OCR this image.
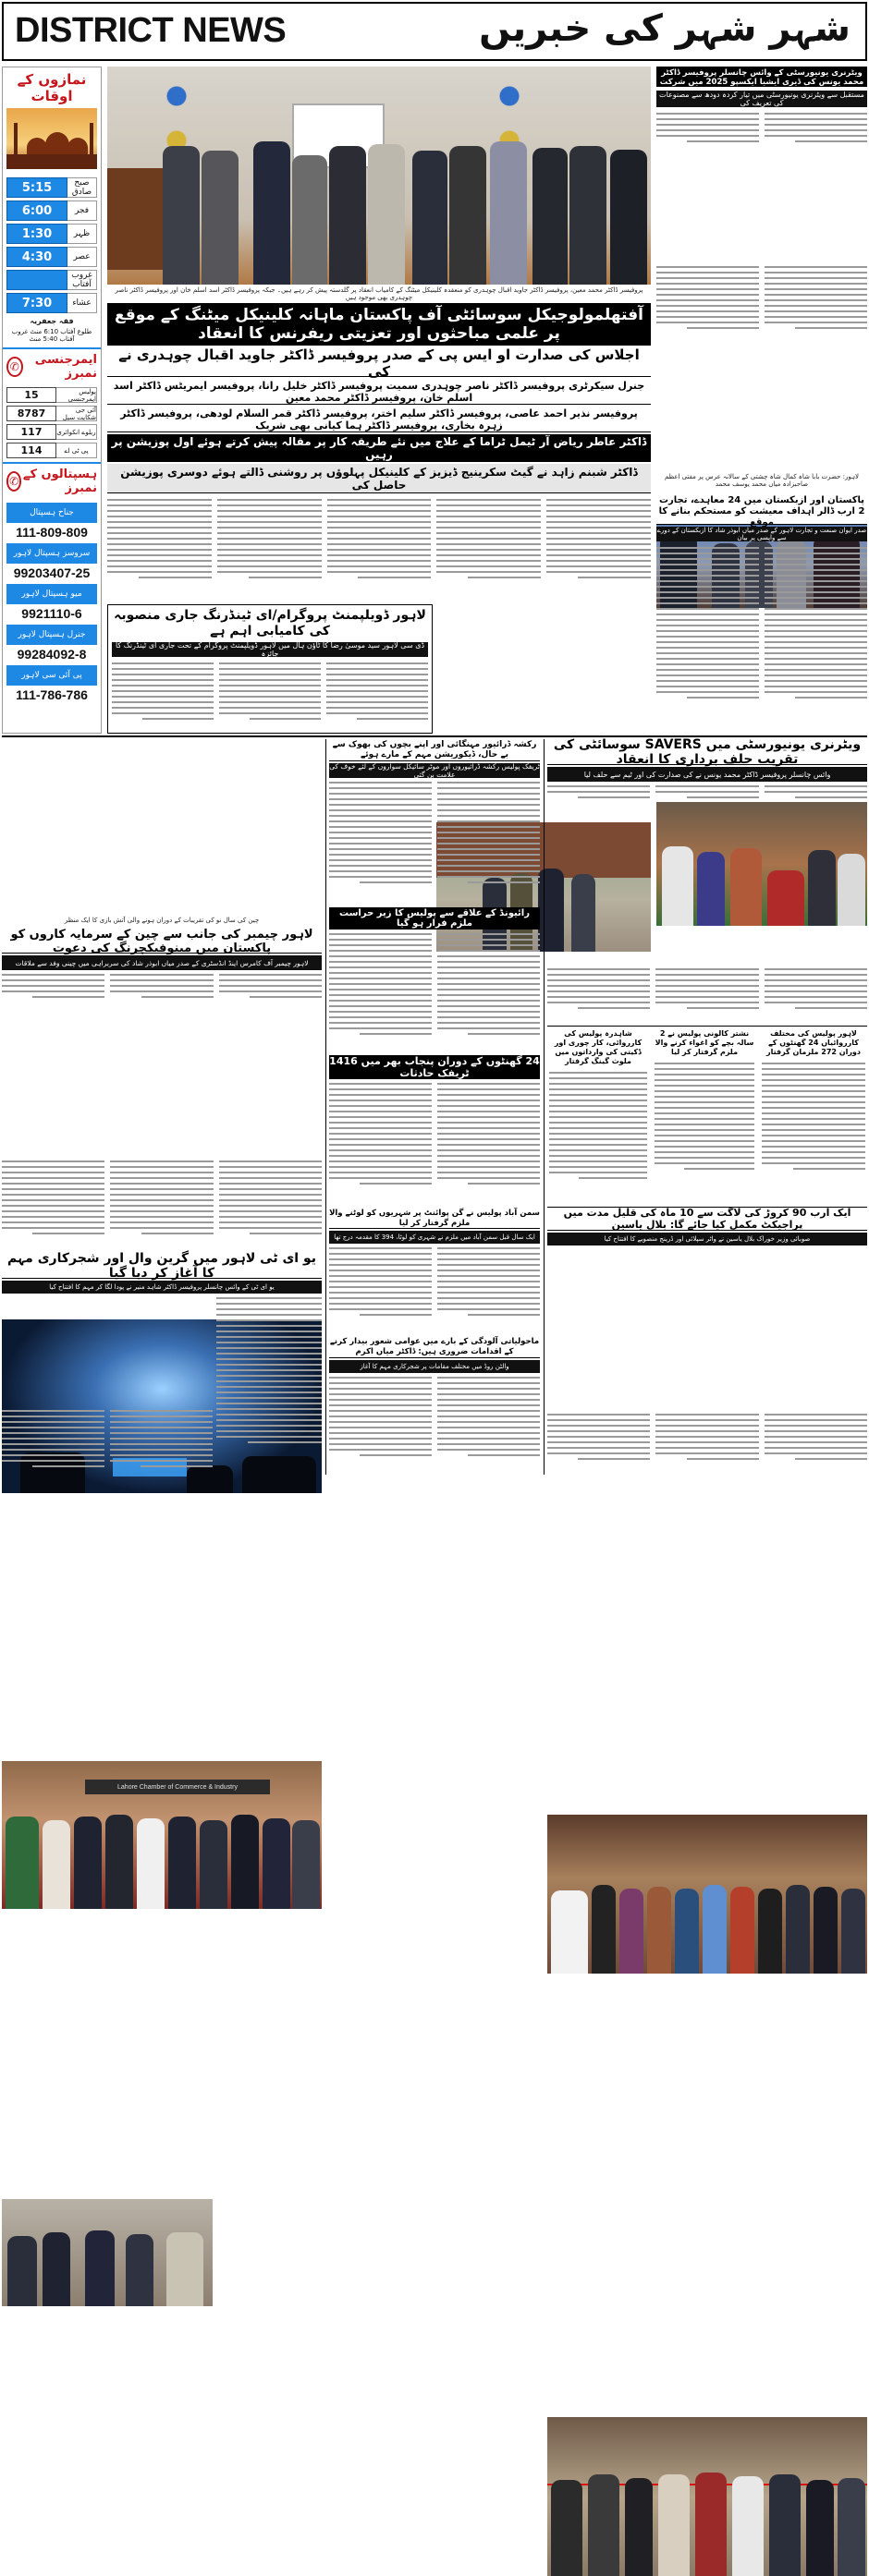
DISTRICT NEWS	شہر شہر کی خبریں
نمازوں کے اوقات
5:15	صبح صادق
6:00	فجر
1:30	ظہر
4:30	عصر
غروب آفتاب
7:30	عشاء
فقہ جعفریہ
طلوع آفتاب 6:10 منٹ غروب آفتاب 5:40 منٹ
✆	ایمرجنسی نمبرز
15	پولیس ایمرجنسی
8787	آئی جی شکایت سیل
117	ریلوے انکوائری
114	پی ٹی اے
✆ ہسپتالوں کے نمبرز
جناح ہسپتال
111-809-809
سروسز ہسپتال لاہور
99203407-25
میو ہسپتال لاہور
9921110-6
جنرل ہسپتال لاہور
99284092-8
پی آئی سی لاہور
111-786-786
پروفیسر ڈاکٹر محمد معین، پروفیسر ڈاکٹر جاوید اقبال چوہدری کو منعقدہ کلینیکل میٹنگ کے کامیاب انعقاد پر گلدستہ پیش کر رہے ہیں۔ جبکہ پروفیسر ڈاکٹر اسد اسلم خان اور پروفیسر ڈاکٹر ناصر چوہدری بھی موجود ہیں
آفتھلمولوجیکل سوسائٹی آف پاکستان ماہانہ کلینیکل میٹنگ کے موقع پر علمی مباحثوں اور تعزیتی ریفرنس کا انعقاد
اجلاس کی صدارت او ایس پی کے صدر پروفیسر ڈاکٹر جاوید اقبال چوہدری نے کی
جنرل سیکرٹری پروفیسر ڈاکٹر ناصر چوہدری سمیت پروفیسر ڈاکٹر خلیل رانا، پروفیسر ایمریٹس ڈاکٹر اسد اسلم خان، پروفیسر ڈاکٹر محمد معین
پروفیسر نذیر احمد عاصی، پروفیسر ڈاکٹر سلیم اختر، پروفیسر ڈاکٹر قمر السلام لودھی، پروفیسر ڈاکٹر زہرہ بخاری، پروفیسر ڈاکٹر ہما کیانی بھی شریک
ڈاکٹر عاطر ریاض آر ٹیمل ٹراما کے علاج میں نئے طریقہ کار پر مقالہ پیش کرتے ہوئے اول پوزیشن پر رہیں
ڈاکٹر شبنم زاہد نے گیٹ سکرینیج ڈیزیز کے کلینیکل پہلوؤں پر روشنی ڈالتے ہوئے دوسری پوزیشن حاصل کی
لاہور ڈویلپمنٹ پروگرام/ای ٹینڈرنگ جاری منصوبہ کی کامیابی اہم ہے
ڈی سی لاہور سید موسیٰ رضا کا ٹاؤن ہال میں لاہور ڈویلپمنٹ پروگرام کے تحت جاری ای ٹینڈرنگ کا جائزہ
ویٹرنری یونیورسٹی کے وائس چانسلر پروفیسر ڈاکٹر محمد یونس کی ڈیری ایشیا ایکسپو 2025 میں شرکت
مستقبل سے ویٹرنری یونیورسٹی میں تیار کردہ دودھ سے مصنوعات کی تعریف کی
لاہور: حضرت بابا شاہ کمال شاہ چشتی کے سالانہ عرس پر مفتی اعظم صاحبزادہ میاں محمد یوسف محمد
پاکستان اور ازبکستان میں 24 معاہدے، تجارت 2 ارب ڈالر اہداف معیشت کو مستحکم بنانے کا موقع
صدر ایوان صنعت و تجارت لاہور کے صدر میاں ابوذر شاد کا ازبکستان کے دورے سے واپسی پر بیان
چین کی سال نو کی تقریبات کے دوران ہونے والی آتش بازی کا ایک منظر
لاہور چیمبر کی جانب سے چین کے سرمایہ کاروں کو پاکستان میں مینوفیکچرنگ کی دعوت
لاہور چیمبر آف کامرس اینڈ انڈسٹری کے صدر میاں ابوذر شاد کی سربراہی میں چینی وفد سے ملاقات
Lahore Chamber of Commerce & Industry
یو ای ٹی لاہور میں گرین وال اور شجرکاری مہم کا آغاز کر دیا گیا
یو ای ٹی کے وائس چانسلر پروفیسر ڈاکٹر شاہد منیر نے پودا لگا کر مہم کا افتتاح کیا
رکشہ ڈرائیور مہنگائی اور اپنے بچوں کی بھوک سے بے حال، ڈیکوریشن مہم کے مارے ہوئے
ٹریفک پولیس رکشہ ڈرائیوروں اور موٹر سائیکل سواروں کے لئے خوف کی علامت بن گئی
رائیونڈ کے علاقے سے پولیس کا زیر حراست ملزم فرار ہو گیا
24 گھنٹوں کے دوران پنجاب بھر میں 1416 ٹریفک حادثات
سمن آباد پولیس نے گن پوائنٹ پر شہریوں کو لوٹنے والا ملزم گرفتار کر لیا
ایک سال قبل سمن آباد میں ملزم نے شہری کو لوٹا، 394 کا مقدمہ درج تھا
ماحولیاتی آلودگی کے بارے میں عوامی شعور بیدار کرنے کے اقدامات ضروری ہیں: ڈاکٹر میاں اکرم
والٹن روڈ میں مختلف مقامات پر شجرکاری مہم کا آغاز
ویٹرنری یونیورسٹی میں SAVERS سوسائٹی کی تقریب حلف برداری کا انعقاد
وائس چانسلر پروفیسر ڈاکٹر محمد یونس نے کی صدارت کی اور ٹیم سے حلف لیا
لاہور پولیس کی مختلف کارروائیاں 24 گھنٹوں کے دوران 272 ملزمان گرفتار
نشتر کالونی پولیس نے 2 سالہ بچے کو اغواء کرنے والا ملزم گرفتار کر لیا
شاہدرہ پولیس کی کارروائی، کار چوری اور ڈکیتی کی وارداتوں میں ملوث گینگ گرفتار
ایک ارب 90 کروڑ کی لاگت سے 10 ماہ کی قلیل مدت میں پراجیکٹ مکمل کیا جائے گا: بلال یاسین
صوبائی وزیر خوراک بلال یاسین نے واٹر سپلائی اور ڈرینج منصوبے کا افتتاح کیا
